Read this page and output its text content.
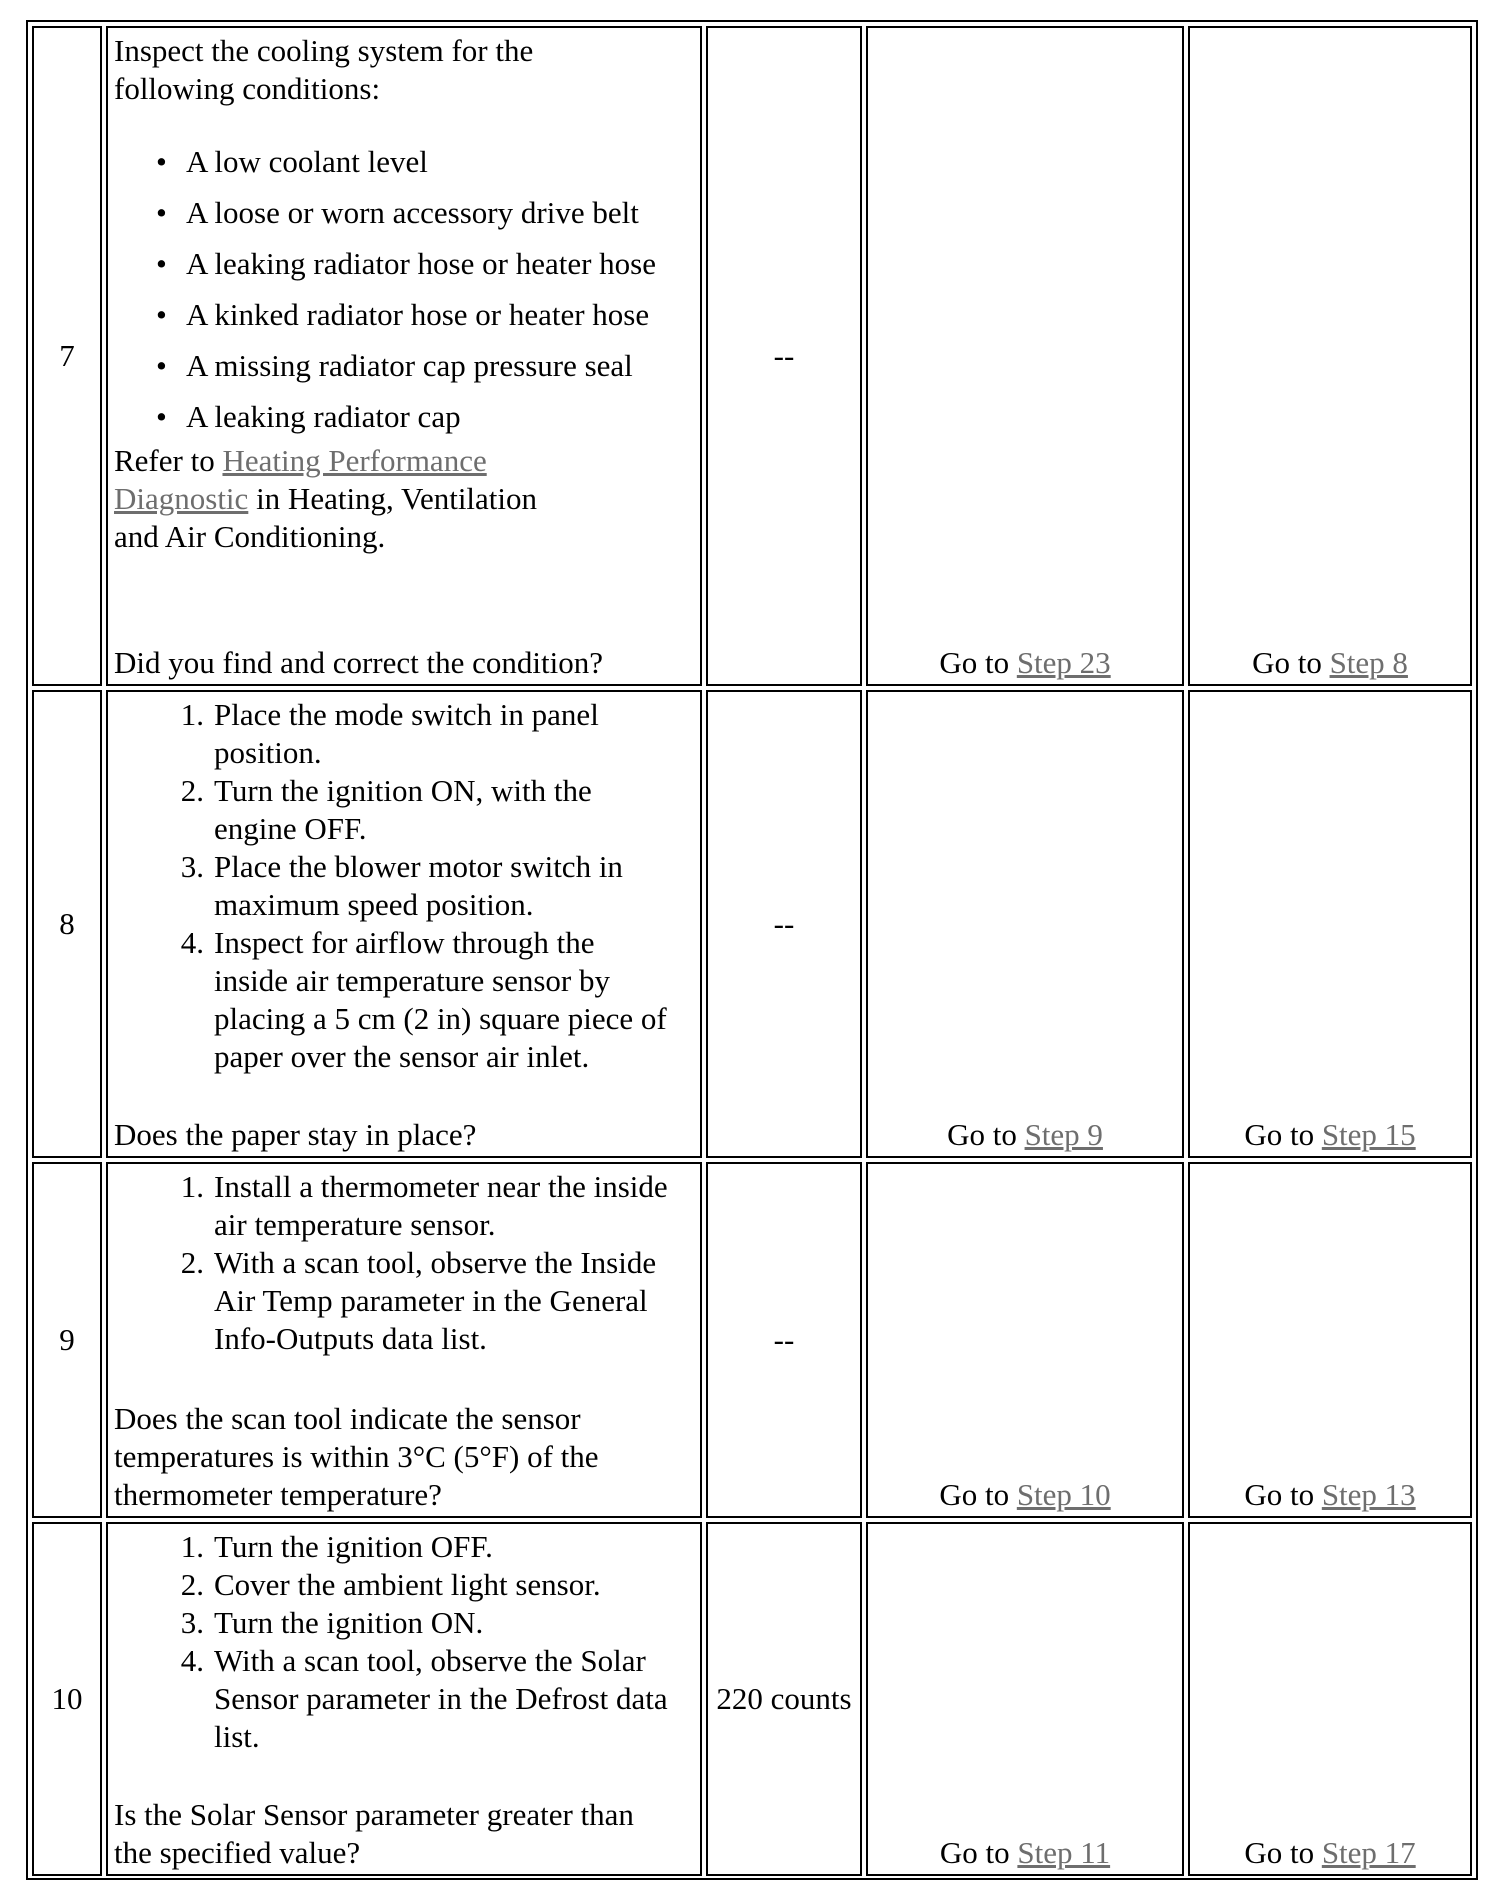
7

Inspect the cooling system for the following conditions:

• A low coolant level
• A loose or worn accessory drive belt
• A leaking radiator hose or heater hose
• A kinked radiator hose or heater hose
• A missing radiator cap pressure seal
• A leaking radiator cap

Refer to Heating Performance Diagnostic in Heating, Ventilation and Air Conditioning.

Did you find and correct the condition?

--
Go to Step 23	Go to Step 8
8
1. Place the mode switch in panel position.
2. Turn the ignition ON, with the engine OFF.
3. Place the blower motor switch in maximum speed position.
4. Inspect for airflow through the inside air temperature sensor by placing a 5 cm (2 in) square piece of paper over the sensor air inlet.

Does the paper stay in place?

--
Go to Step 9	Go to Step 15
9
1. Install a thermometer near the inside air temperature sensor.
2. With a scan tool, observe the Inside Air Temp parameter in the General Info-Outputs data list.

Does the scan tool indicate the sensor temperatures is within 3°C (5°F) of the thermometer temperature?

--
Go to Step 10	Go to Step 13
10
1. Turn the ignition OFF.
2. Cover the ambient light sensor.
3. Turn the ignition ON.
4. With a scan tool, observe the Solar Sensor parameter in the Defrost data list.

Is the Solar Sensor parameter greater than the specified value?

220 counts
Go to Step 11	Go to Step 17
